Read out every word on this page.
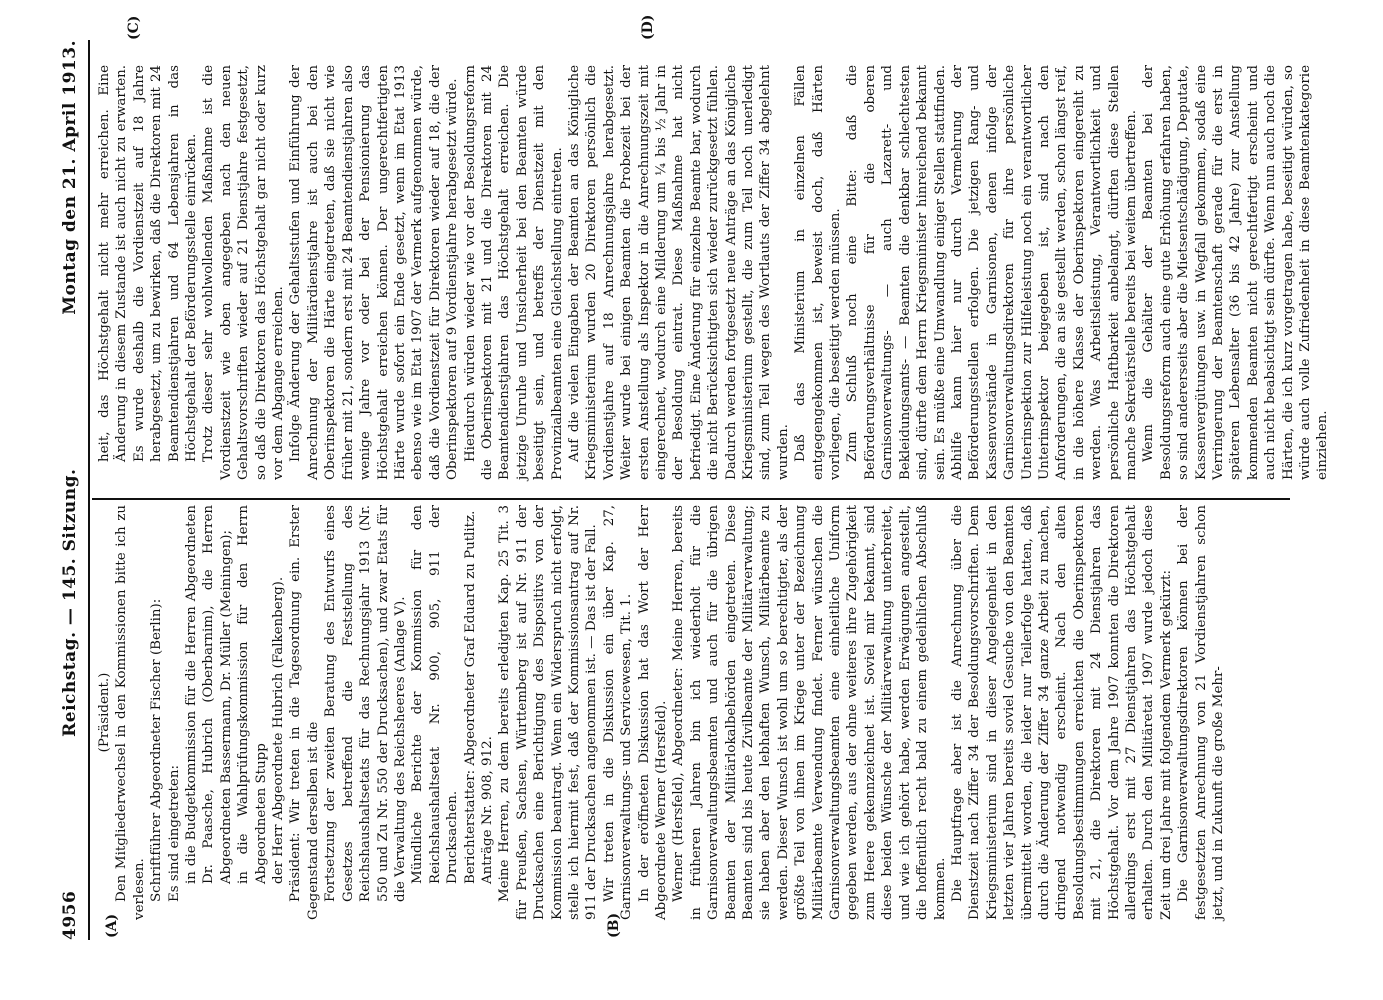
4956
Reichstag. — 145. Sitzung.
Montag den 21. April 1913.
(A)	(B)
(C)	(D)

(Präsident.) Den Mitgliederwechsel in den Kommissionen bitte ich zu verlesen. Schriftführer Abgeordneter Fischer (Berlin): Es sind eingetreten: in die Budgetkommission für die Herren Abgeordneten Dr. Paasche, Hubrich (Oberbarnim), die Herren Abgeordneten Bassermann, Dr. Müller (Meiningen); in die Wahlprüfungskommission für den Herrn Abgeordneten Stupp der Herr Abgeordnete Hubrich (Falkenberg). Präsident: Wir treten in die Tagesordnung ein. Erster Gegenstand derselben ist die Fortsetzung der zweiten Beratung des Entwurfs eines Gesetzes betreffend die Feststellung des Reichshaushaltsetats für das Rechnungsjahr 1913 (Nr. 550 und Zu Nr. 550 der Drucksachen), und zwar Etats für die Verwaltung des Reichsheeres (Anlage V). Mündliche Berichte der Kommission für den Reichshaushaltsetat Nr. 900, 905, 911 der Drucksachen. Berichterstatter: Abgeordneter Graf Eduard zu Putlitz. Anträge Nr. 908, 912. Meine Herren, zu dem bereits erledigten Kap. 25 Tit. 3 für Preußen, Sachsen, Württemberg ist auf Nr. 911 der Drucksachen eine Berichtigung des Dispositivs von der Kommission beantragt. Wenn ein Widerspruch nicht erfolgt, stelle ich hiermit fest, daß der Kommissionsantrag auf Nr. 911 der Drucksachen angenommen ist. — Das ist der Fall. Wir treten in die Diskussion ein über Kap. 27, Garnisonverwaltungs- und Servicewesen, Tit. 1. In der eröffneten Diskussion hat das Wort der Herr Abgeordnete Werner (Hersfeld). Werner (Hersfeld), Abgeordneter: Meine Herren, bereits in früheren Jahren bin ich wiederholt für die Garnisonverwaltungsbeamten und auch für die übrigen Beamten der Militärlokalbehörden eingetreten. Diese Beamten sind bis heute Zivilbeamte der Militärverwaltung; sie haben aber den lebhaften Wunsch, Militärbeamte zu werden. Dieser Wunsch ist wohl um so berechtigter, als der größte Teil von ihnen im Kriege unter der Bezeichnung Militärbeamte Verwendung findet. Ferner wünschen die Garnisonverwaltungsbeamten eine einheitliche Uniform gegeben werden, aus der ohne weiteres ihre Zugehörigkeit zum Heere gekennzeichnet ist. Soviel mir bekannt, sind diese beiden Wünsche der Militärverwaltung unterbreitet, und wie ich gehört habe, werden Erwägungen angestellt, die hoffentlich recht bald zu einem gedeihlichen Abschluß kommen. Die Hauptfrage aber ist die Anrechnung über die Dienstzeit nach Ziffer 34 der Besoldungsvorschriften. Dem Kriegsministerium sind in dieser Angelegenheit in den letzten vier Jahren bereits soviel Gesuche von den Beamten übermittelt worden, die leider nur Teilerfolge hatten, daß durch die Änderung der Ziffer 34 ganze Arbeit zu machen, dringend notwendig erscheint. Nach den alten Besoldungsbestimmungen erreichten die Oberinspektoren mit 21, die Direktoren mit 24 Dienstjahren das Höchstgehalt. Vor dem Jahre 1907 konnten die Direktoren allerdings erst mit 27 Dienstjahren das Höchstgehalt erhalten. Durch den Militäretat 1907 wurde jedoch diese Zeit um drei Jahre mit folgendem Vermerk gekürzt: Die Garnisonverwaltungsdirektoren können bei der festgesetzten Anrechnung von 21 Vordienstjahren schon jetzt, und in Zukunft die große Mehr-

heit, das Höchstgehalt nicht mehr erreichen. Eine Änderung in diesem Zustande ist auch nicht zu erwarten. Es wurde deshalb die Vordienstzeit auf 18 Jahre herabgesetzt, um zu bewirken, daß die Direktoren mit 24 Beamtendienstjahren und 64 Lebensjahren in das Höchstgehalt der Beförderungsstelle einrücken. Trotz dieser sehr wohlwollenden Maßnahme ist die Vordienstzeit wie oben angegeben nach den neuen Gehaltsvorschriften wieder auf 21 Dienstjahre festgesetzt, so daß die Direktoren das Höchstgehalt gar nicht oder kurz vor dem Abgange erreichen. Infolge Änderung der Gehaltsstufen und Einführung der Anrechnung der Militärdienstjahre ist auch bei den Oberinspektoren die Härte eingetreten, daß sie nicht wie früher mit 21, sondern erst mit 24 Beamtendienstjahren also wenige Jahre vor oder bei der Pensionierung das Höchstgehalt erreichen können. Der ungerechtfertigten Härte wurde sofort ein Ende gesetzt, wenn im Etat 1913 ebenso wie im Etat 1907 der Vermerk aufgenommen würde, daß die Vordienstzeit für Direktoren wieder auf 18, die der Oberinspektoren auf 9 Vordienstjahre herabgesetzt würde. Hierdurch würden wieder wie vor der Besoldungsreform die Oberinspektoren mit 21 und die Direktoren mit 24 Beamtendienstjahren das Höchstgehalt erreichen. Die jetzige Unruhe und Unsicherheit bei den Beamten würde beseitigt sein, und betreffs der Dienstzeit mit den Provinzialbeamten eine Gleichstellung eintreten. Auf die vielen Eingaben der Beamten an das Königliche Kriegsministerium wurden 20 Direktoren persönlich die Vordienstjahre auf 18 Anrechnungsjahre herabgesetzt. Weiter wurde bei einigen Beamten die Probezeit bei der ersten Anstellung als Inspektor in die Anrechnungszeit mit eingerechnet, wodurch eine Milderung um ¼ bis ½ Jahr in der Besoldung eintrat. Diese Maßnahme hat nicht befriedigt. Eine Änderung für einzelne Beamte bar, wodurch die nicht Berücksichtigten sich wieder zurückgesetzt fühlen. Dadurch werden fortgesetzt neue Anträge an das Königliche Kriegsministerium gestellt, die zum Teil noch unerledigt sind, zum Teil wegen des Wortlauts der Ziffer 34 abgelehnt wurden. Daß das Ministerium in einzelnen Fällen entgegengekommen ist, beweist doch, daß Härten vorliegen, die beseitigt werden müssen. Zum Schluß noch eine Bitte: daß die Beförderungsverhältnisse für die oberen Garnisonverwaltungs- — auch Lazarett- und Bekleidungsamts- — Beamten die denkbar schlechtesten sind, dürfte dem Herrn Kriegsminister hinreichend bekannt sein. Es müßte eine Umwandlung einiger Stellen stattfinden. Abhilfe kann hier nur durch Vermehrung der Beförderungsstellen erfolgen. Die jetzigen Rang- und Kassenvorstände in Garnisonen, denen infolge der Garnisonverwaltungsdirektoren für ihre persönliche Unterinspektion zur Hilfeleistung noch ein verantwortlicher Unterinspektor beigegeben ist, sind nach den Anforderungen, die an sie gestellt werden, schon längst reif, in die höhere Klasse der Oberinspektoren eingereiht zu werden. Was Arbeitsleistung, Verantwortlichkeit und persönliche Haftbarkeit anbelangt, dürften diese Stellen manche Sekretärstelle bereits bei weitem übertreffen. Wenn die Gehälter der Beamten bei der Besoldungsreform auch eine gute Erhöhung erfahren haben, so sind andererseits aber die Mietsentschädigung, Deputate, Kassenvergütungen usw. in Wegfall gekommen, sodaß eine Verringerung der Beamtenschaft gerade für die erst in späteren Lebensalter (36 bis 42 Jahre) zur Anstellung kommenden Beamten nicht gerechtfertigt erscheint und auch nicht beabsichtigt sein dürfte. Wenn nun auch noch die Härten, die ich kurz vorgetragen habe, beseitigt würden, so würde auch volle Zufriedenheit in diese Beamtenkategorie einziehen.
